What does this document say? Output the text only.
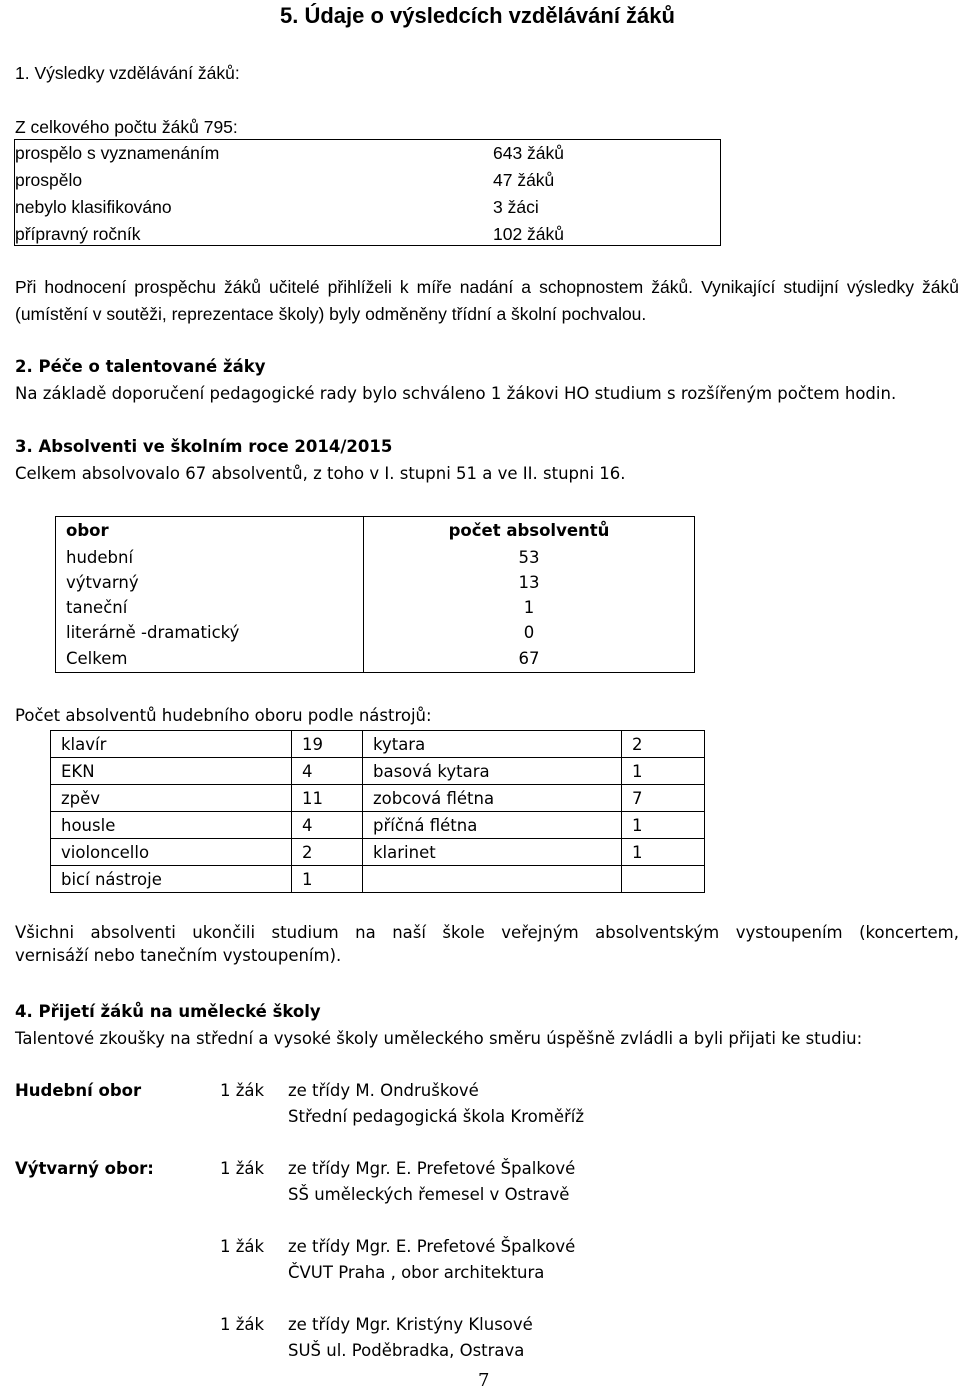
5. Údaje o výsledcích vzdělávání žáků
1. Výsledky vzdělávání žáků:
Z celkového počtu žáků 795:
prospělo s vyznamenáním	643 žáků
prospělo	47 žáků
nebylo klasifikováno	3 žáci
přípravný ročník	102 žáků
Při hodnocení prospěchu žáků učitelé přihlíželi k míře nadání a schopnostem žáků. Vynikající studijní výsledky žáků (umístění v soutěži, reprezentace školy) byly odměněny třídní a školní pochvalou.
2. Péče o talentované žáky
Na základě doporučení pedagogické rady bylo schváleno 1 žákovi HO studium s rozšířeným počtem hodin.
3. Absolventi ve školním roce 2014/2015
Celkem absolvovalo 67 absolventů, z toho v I. stupni 51 a ve II. stupni 16.
obor	počet absolventů
hudební	53
výtvarný	13
taneční	1
literárně -dramatický	0
Celkem	67
Počet absolventů hudebního oboru podle nástrojů:
klavír	19	kytara	2
EKN	4	basová kytara	1
zpěv	11	zobcová flétna	7
housle	4	příčná flétna	1
violoncello	2	klarinet	1
bicí nástroje	1		
Všichni absolventi ukončili studium na naší škole veřejným absolventským vystoupením (koncertem,
vernisáží nebo tanečním vystoupením).
4. Přijetí žáků na umělecké školy
Talentové zkoušky na střední a vysoké školy uměleckého směru úspěšně zvládli a byli přijati ke studiu:
Hudební obor	1 žák ze třídy M. Ondruškové
Střední pedagogická škola Kroměříž
Výtvarný obor:	1 žák ze třídy Mgr. E. Prefetové Špalkové
SŠ uměleckých řemesel v Ostravě
1 žák ze třídy Mgr. E. Prefetové Špalkové
ČVUT Praha , obor architektura
1 žák ze třídy Mgr. Kristýny Klusové
SUŠ ul. Poděbradka, Ostrava
7
